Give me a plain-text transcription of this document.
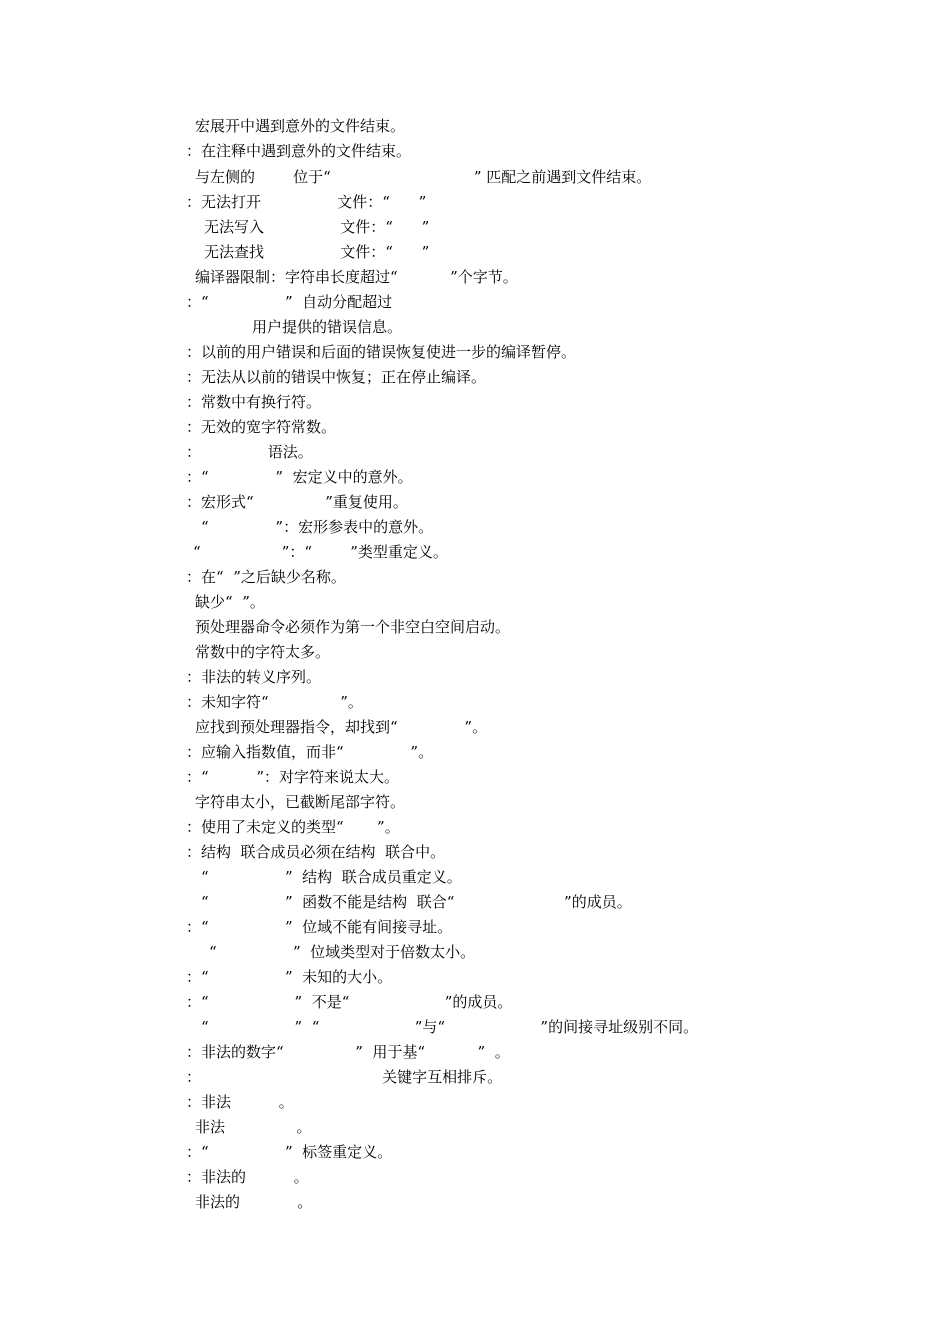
宏展开中遇到意外的文件结束。
：在注释中遇到意外的文件结束。
与左侧的        位于“                              ” 匹配之前遇到文件结束。
：无法打开                文件：“      ”
无法写入                文件：“      ”
无法查找                文件：“      ”
编译器限制：字符串长度超过“           ”个字节。
：“                ”  自动分配超过
用户提供的错误信息。
：以前的用户错误和后面的错误恢复使进一步的编译暂停。
：无法从以前的错误中恢复；正在停止编译。
：常数中有换行符。
：无效的宽字符常数。
：              语法。
：“              ”  宏定义中的意外。
：宏形式“               ”重复使用。
“              ”：宏形参表中的意外。
“                 ”：“        ”类型重定义。
：在“  ”之后缺少名称。
缺少“  ”。
预处理器命令必须作为第一个非空白空间启动。
常数中的字符太多。
：非法的转义序列。
：未知字符“               ”。
应找到预处理器指令，却找到“              ”。
：应输入指数值，而非“              ”。
：“          ”：对字符来说太大。
字符串太小，已截断尾部字符。
：使用了未定义的类型“       ”。
：结构  联合成员必须在结构  联合中。
“                ”  结构  联合成员重定义。
“                ”  函数不能是结构  联合“                       ”的成员。
：“                ”  位域不能有间接寻址。
“                ”  位域类型对于倍数太小。
：“                ”  未知的大小。
：“                  ”  不是“                    ”的成员。
“                  ”  “                    ”与“                    ”的间接寻址级别不同。
：非法的数字“               ”  用于基“           ”  。
：                                      关键字互相排斥。
：非法          。
非法               。
：“                ”  标签重定义。
：非法的          。
非法的            。
